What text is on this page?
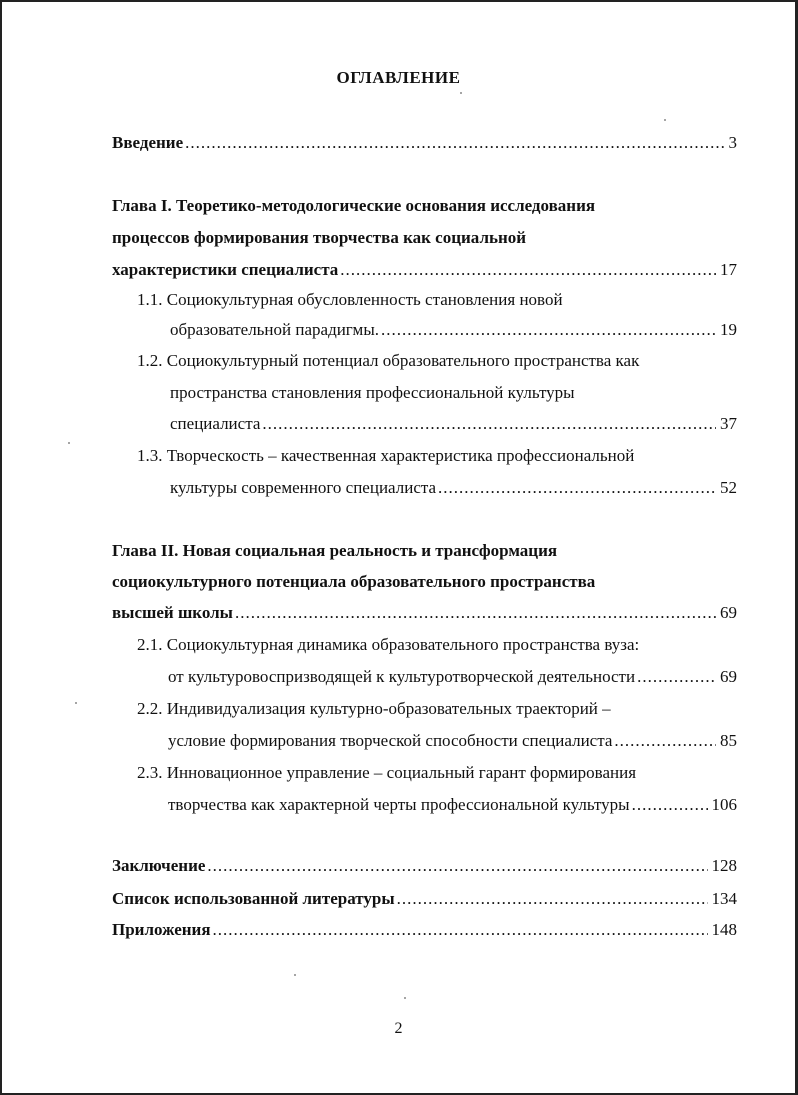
ОГЛАВЛЕНИЕ
Введение .....	3
Глава I. Теоретико-методологические основания исследования
процессов формирования творчества как социальной
характеристики специалиста .....	17
1.1. Социокультурная обусловленность становления новой
образовательной парадигмы. .....	19
1.2. Социокультурный потенциал образовательного пространства как
пространства становления профессиональной культуры
специалиста .....	37
1.3. Творческость – качественная характеристика профессиональной
культуры современного специалиста .....	52
Глава II. Новая социальная реальность и трансформация
социокультурного потенциала образовательного пространства
высшей школы .....	69
2.1. Социокультурная динамика образовательного пространства вуза:
от культуровоспризводящей к культуротворческой деятельности .....	69
2.2. Индивидуализация культурно-образовательных траекторий –
условие формирования творческой способности специалиста .....	85
2.3. Инновационное управление – социальный гарант формирования
творчества как характерной черты профессиональной культуры .....	106
Заключение .....	128
Список использованной литературы .....	134
Приложения .....	148
2
